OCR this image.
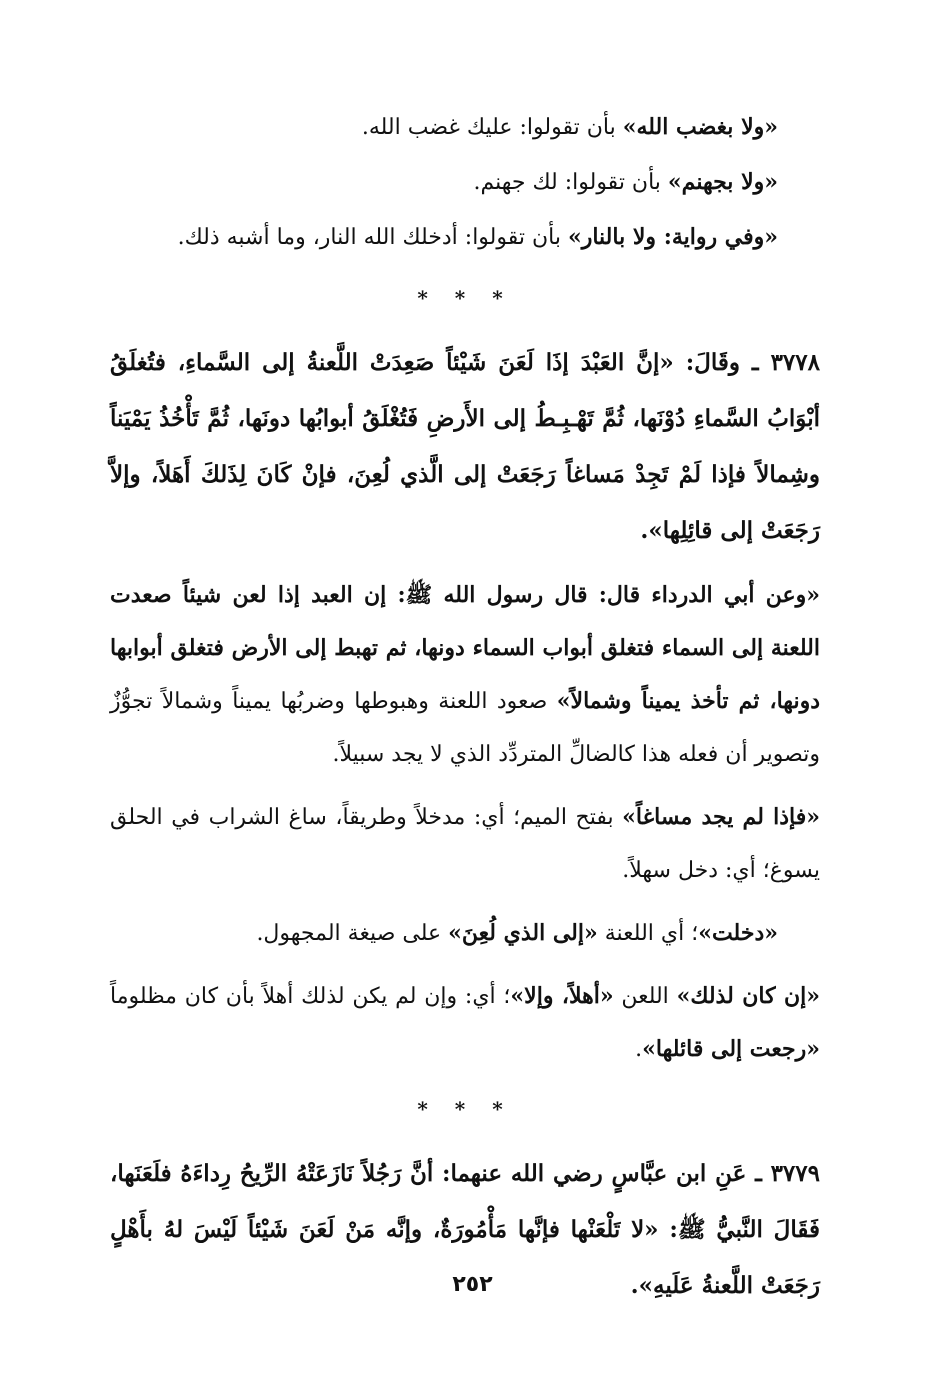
«ولا بغضب الله» بأن تقولوا: عليك غضب الله.

«ولا بجهنم» بأن تقولوا: لك جهنم.

«وفي رواية: ولا بالنار» بأن تقولوا: أدخلك الله النار، وما أشبه ذلك.

* * *

٣٧٧٨ ـ وقَالَ: «إنَّ العَبْدَ إذَا لَعَنَ شَيْئاً صَعِدَتْ اللَّعنةُ إلى السَّماءِ، فتُغلَقُ أبْوَابُ السَّماءِ دُوْنَها، ثُمَّ تَهْـبِـطُ إلى الأَرضِ فَتُغْلَقُ أبوابُها دونَها، ثُمَّ تَأْخُذُ يَمْيَناً وشِمالاً فإذا لَمْ تَجِدْ مَساغاً رَجَعَتْ إلى الَّذي لُعِنَ، فإنْ كَانَ لِذَلكَ أَهَلاً، وإلاَّ رَجَعَتْ إلى قائِلِها».

«وعن أبي الدرداء قال: قال رسول الله ﷺ: إن العبد إذا لعن شيئاً صعدت اللعنة إلى السماء فتغلق أبواب السماء دونها، ثم تهبط إلى الأرض فتغلق أبوابها دونها، ثم تأخذ يميناً وشمالاً» صعود اللعنة وهبوطها وضربُها يميناً وشمالاً تجوُّزٌ وتصوير أن فعله هذا كالضالِّ المتردِّد الذي لا يجد سبيلاً.

«فإذا لم يجد مساغاً» بفتح الميم؛ أي: مدخلاً وطريقاً، ساغ الشراب في الحلق يسوغ؛ أي: دخل سهلاً.

«دخلت»؛ أي اللعنة «إلى الذي لُعِنَ» على صيغة المجهول.

«إن كان لذلك» اللعن «أهلاً، وإلا»؛ أي: وإن لم يكن لذلك أهلاً بأن كان مظلوماً «رجعت إلى قائلها».

* * *

٣٧٧٩ ـ عَنِ ابن عبَّاسٍ رضي الله عنهما: أنَّ رَجُلاً نَازَعَتْهُ الرِّيحُ رِداءَهُ فلَعَنَها، فَقَالَ النَّبيُّ ﷺ: «لا تَلْعَنْها فإنَّها مَأْمُورَةٌ، وإنَّه مَنْ لَعَنَ شَيْئاً لَيْسَ لهُ بأَهْلٍ رَجَعَتْ اللَّعنةُ عَلَيهِ».

٢٥٢
